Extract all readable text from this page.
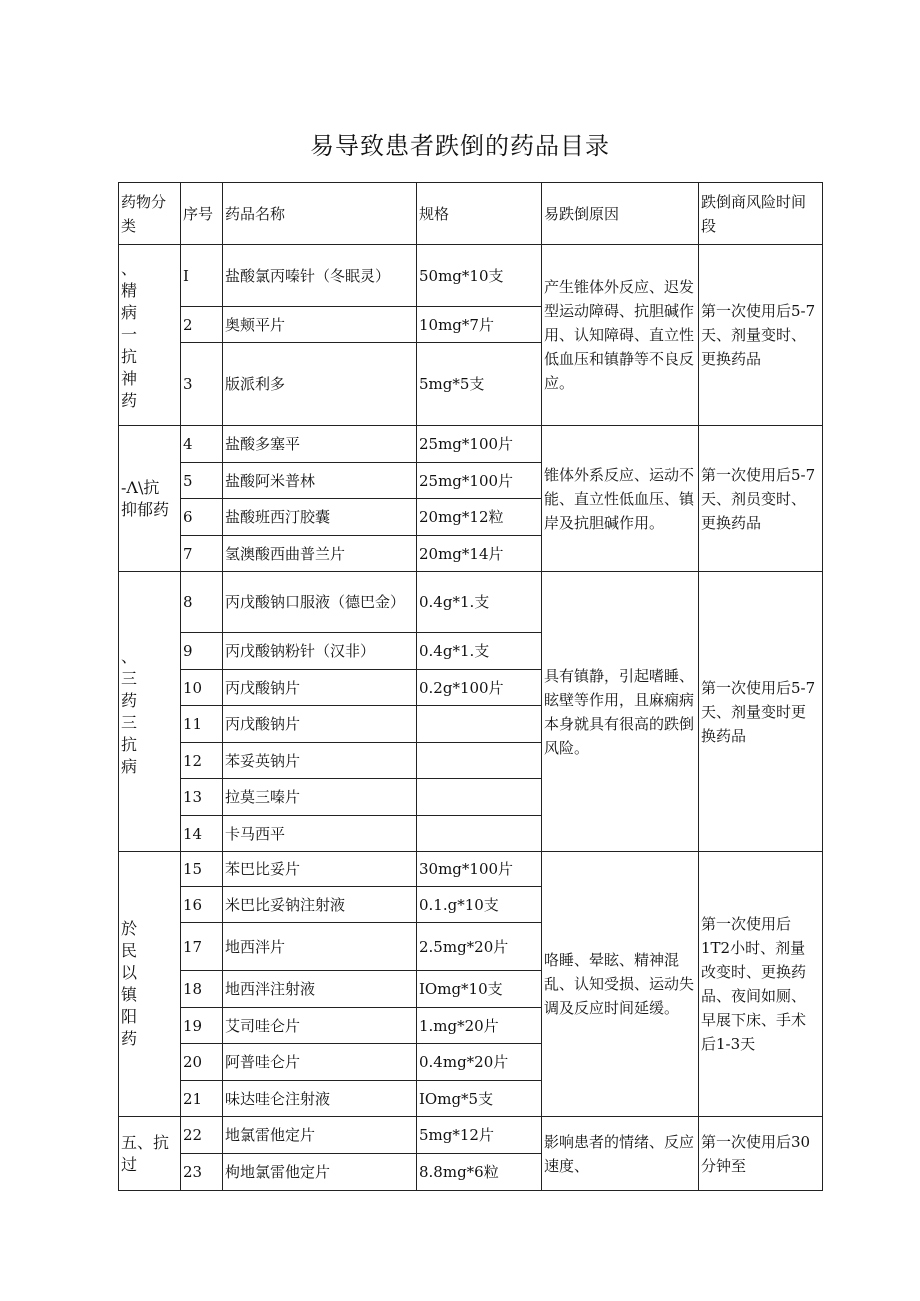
易导致患者跌倒的药品目录
药物分类	序号	药品名称	规格	易跌倒原因	跌倒商风险时间段
、精病一抗神药	I	盐酸氯丙嗪针（冬眠灵）	50mg*10支	产生锥体外反应、迟发型运动障碍、抗胆碱作用、认知障碍、直立性低血压和镇静等不良反应。	第一次使用后5-7天、剂量变时、更换药品
	2	奥颊平片	10mg*7片		
	3	版派利多	5mg*5支		
-Λ\抗抑郁药	4	盐酸多塞平	25mg*100片	锥体外系反应、运动不能、直立性低血压、镇岸及抗胆碱作用。	第一次使用后5-7天、剂员变时、更换药品
	5	盐酸阿米普林	25mg*100片		
	6	盐酸班西汀胶囊	20mg*12粒		
	7	氢澳酸西曲普兰片	20mg*14片		
、三药三抗病	8	丙戊酸钠口服液（德巴金）	0.4g*1.支	具有镇静，引起嗜睡、眩壁等作用，且麻痫病本身就具有很高的跌倒风险。	第一次使用后5-7天、剂量变时更换药品
	9	丙戊酸钠粉针（汉非）	0.4g*1.支		
	10	丙戊酸钠片	0.2g*100片		
	11	丙戊酸钠片			
	12	苯妥英钠片			
	13	拉莫三嗪片			
	14	卡马西平			
於民以镇阳药	15	苯巴比妥片	30mg*100片	咯睡、晕眩、精神混乱、认知受损、运动失调及反应时间延缓。	第一次使用后1T2小时、剂量改变时、更换药品、夜间如厕、早展下床、手术后1-3天
	16	米巴比妥钠注射液	0.1.g*10支		
	17	地西泮片	2.5mg*20片		
	18	地西泮注射液	IOmg*10支		
	19	艾司哇仑片	1.mg*20片		
	20	阿普哇仑片	0.4mg*20片		
	21	味达哇仑注射液	IOmg*5支		
五、抗过	22	地氯雷他定片	5mg*12片	影响患者的情绪、反应速度、	第一次使用后30分钟至
	23	枸地氯雷他定片	8.8mg*6粒		
